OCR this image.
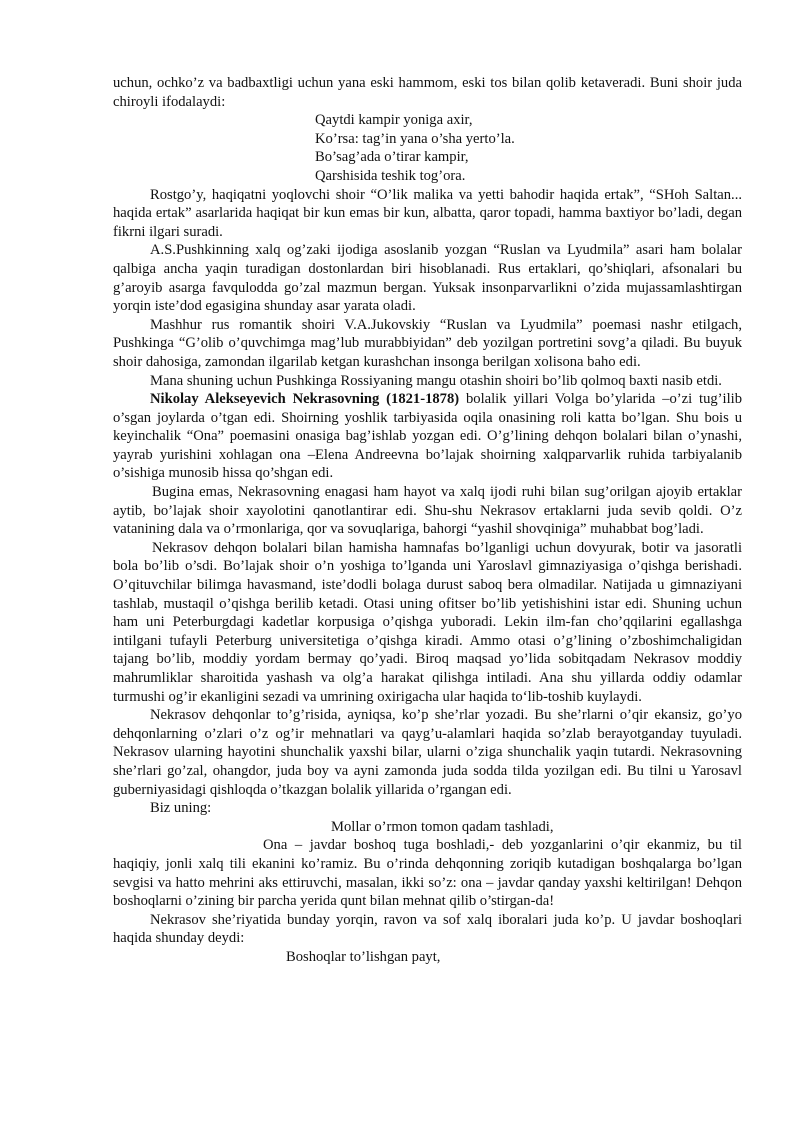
uchun, ochko’z va badbaxtligi uchun yana eski hammom, eski tos bilan qolib ketaveradi. Buni shoir juda chiroyli ifodalaydi:

Qaytdi kampir yoniga axir,
Ko’rsa: tag’in yana o’sha yerto’la.
Bo’sag’ada o’tirar kampir,
Qarshisida teshik tog’ora.

Rostgo’y, haqiqatni yoqlovchi shoir “O’lik malika va yetti bahodir haqida ertak”, “SHoh Saltan... haqida ertak” asarlarida haqiqat bir kun emas bir kun, albatta, qaror topadi, hamma baxtiyor bo’ladi, degan fikrni ilgari suradi.

A.S.Pushkinning xalq og’zaki ijodiga asoslanib yozgan “Ruslan va Lyudmila” asari ham bolalar qalbiga ancha yaqin turadigan dostonlardan biri hisoblanadi. Rus ertaklari, qo’shiqlari, afsonalari bu g’aroyib asarga favqulodda go’zal mazmun bergan. Yuksak insonparvarlikni o’zida mujassamlashtirgan yorqin iste’dod egasigina shunday asar yarata oladi.

Mashhur rus romantik shoiri V.A.Jukovskiy “Ruslan va Lyudmila” poemasi nashr etilgach, Pushkinga “G’olib o’quvchimga mag’lub murabbiyidan” deb yozilgan portretini sovg’a qiladi. Bu buyuk shoir dahosiga, zamondan ilgarilab ketgan kurashchan insonga berilgan xolisona baho edi.

Mana shuning uchun Pushkinga Rossiyaning mangu otashin shoiri bo’lib qolmoq baxti nasib etdi.

Nikolay Alekseyevich Nekrasovning (1821-1878) bolalik yillari Volga bo’ylarida –o’zi tug’ilib o’sgan joylarda o’tgan edi. Shoirning yoshlik tarbiyasida oqila onasining roli katta bo’lgan. Shu bois u keyinchalik “Ona” poemasini onasiga bag’ishlab yozgan edi. O’g’lining dehqon bolalari bilan o’ynashi, yayrab yurishini xohlagan ona –Elena Andreevna bo’lajak shoirning xalqparvarlik ruhida tarbiyalanib o’sishiga munosib hissa qo’shgan edi.

Bugina emas, Nekrasovning enagasi ham hayot va xalq ijodi ruhi bilan sug’orilgan ajoyib ertaklar aytib, bo’lajak shoir xayolotini qanotlantirar edi. Shu-shu Nekrasov ertaklarni juda sevib qoldi. O’z vatanining dala va o’rmonlariga, qor va sovuqlariga, bahorgi “yashil shovqiniga” muhabbat bog’ladi.

Nekrasov dehqon bolalari bilan hamisha hamnafas bo’lganligi uchun dovyurak, botir va jasoratli bola bo’lib o’sdi. Bo’lajak shoir o’n yoshiga to’lganda uni Yaroslavl gimnaziyasiga o’qishga berishadi. O’qituvchilar bilimga havasmand, iste’dodli bolaga durust saboq bera olmadilar. Natijada u gimnaziyani tashlab, mustaqil o’qishga berilib ketadi. Otasi uning ofitser bo’lib yetishishini istar edi. Shuning uchun ham uni Peterburgdagi kadetlar korpusiga o’qishga yuboradi. Lekin ilm-fan cho’qqilarini egallashga intilgani tufayli Peterburg universitetiga o’qishga kiradi. Ammo otasi o’g’lining o’zboshimchaligidan tajang bo’lib, moddiy yordam bermay qo’yadi. Biroq maqsad yo’lida sobitqadam Nekrasov moddiy mahrumliklar sharoitida yashash va olg’a harakat qilishga intiladi. Ana shu yillarda oddiy odamlar turmushi og’ir ekanligini sezadi va umrining oxirigacha ular haqida to‘lib-toshib kuylaydi.

Nekrasov dehqonlar to’g’risida, ayniqsa, ko’p she’rlar yozadi. Bu she’rlarni o’qir ekansiz, go’yo dehqonlarning o’zlari o’z og’ir mehnatlari va qayg’u-alamlari haqida so’zlab berayotganday tuyuladi. Nekrasov ularning hayotini shunchalik yaxshi bilar, ularni o’ziga shunchalik yaqin tutardi. Nekrasovning she’rlari go’zal, ohangdor, juda boy va ayni zamonda juda sodda tilda yozilgan edi. Bu tilni u Yarosavl guberniyasidagi qishloqda o’tkazgan bolalik yillarida o’rgangan edi.

Biz uning:

Mollar o’rmon tomon qadam tashladi,

Ona – javdar boshoq tuga boshladi,- deb yozganlarini o’qir ekanmiz, bu til haqiqiy, jonli xalq tili ekanini ko’ramiz. Bu o’rinda dehqonning zoriqib kutadigan boshqalarga bo’lgan sevgisi va hatto mehrini aks ettiruvchi, masalan, ikki so’z: ona – javdar qanday yaxshi keltirilgan! Dehqon boshoqlarni o’zining bir parcha yerida qunt bilan mehnat qilib o’stirgan-da!

Nekrasov she’riyatida bunday yorqin, ravon va sof xalq iboralari juda ko’p. U javdar boshoqlari haqida shunday deydi:

Boshoqlar to’lishgan payt,
